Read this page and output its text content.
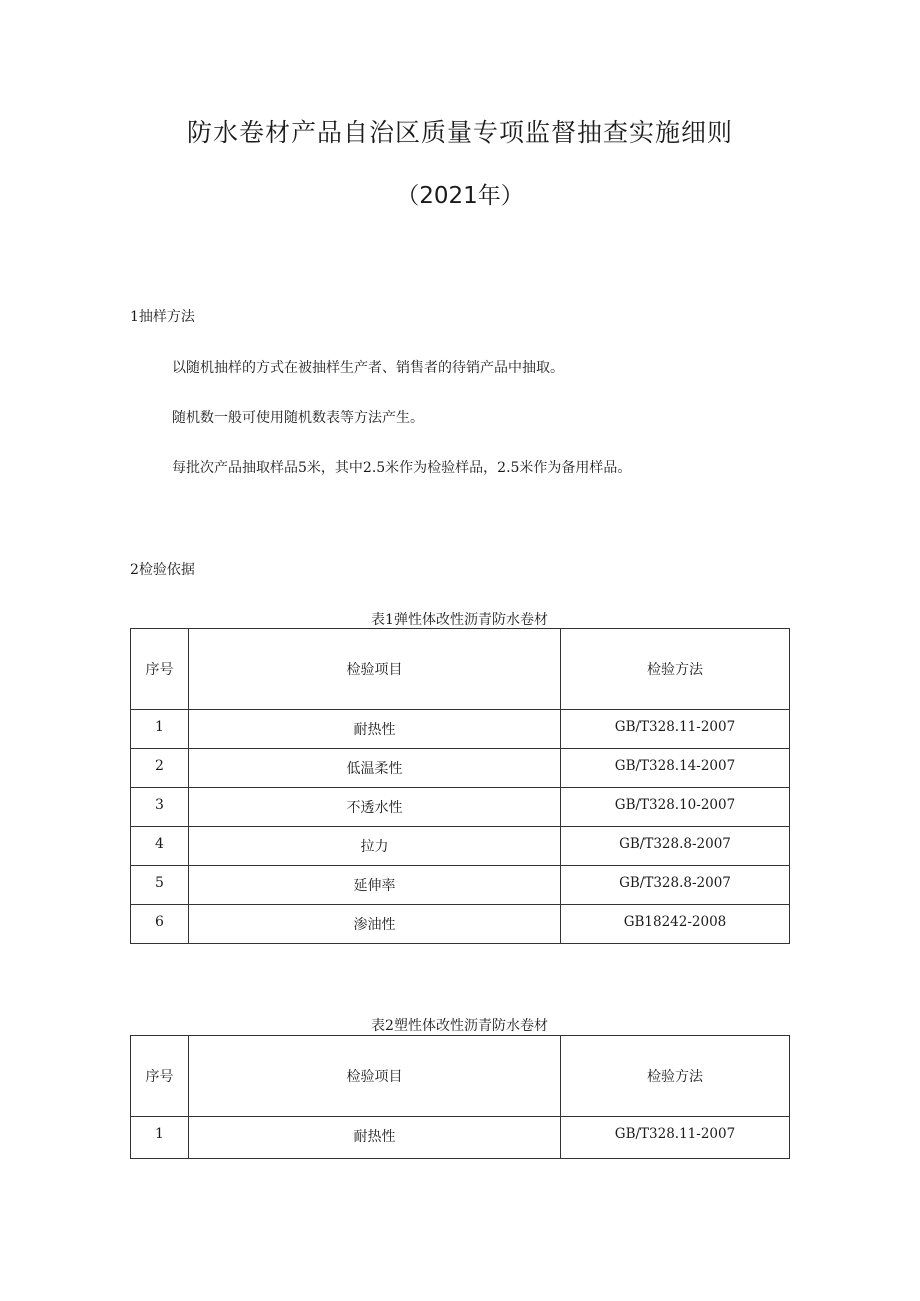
防水卷材产品自治区质量专项监督抽查实施细则
（2021年）
1抽样方法
以随机抽样的方式在被抽样生产者、销售者的待销产品中抽取。
随机数一般可使用随机数表等方法产生。
每批次产品抽取样品5米，其中2.5米作为检验样品，2.5米作为备用样品。
2检验依据
表1弹性体改性沥青防水卷材
序号	检验项目	检验方法
1	耐热性	GB/T328.11-2007
2	低温柔性	GB/T328.14-2007
3	不透水性	GB/T328.10-2007
4	拉力	GB/T328.8-2007
5	延伸率	GB/T328.8-2007
6	渗油性	GB18242-2008
表2塑性体改性沥青防水卷材
序号	检验项目	检验方法
1	耐热性	GB/T328.11-2007
